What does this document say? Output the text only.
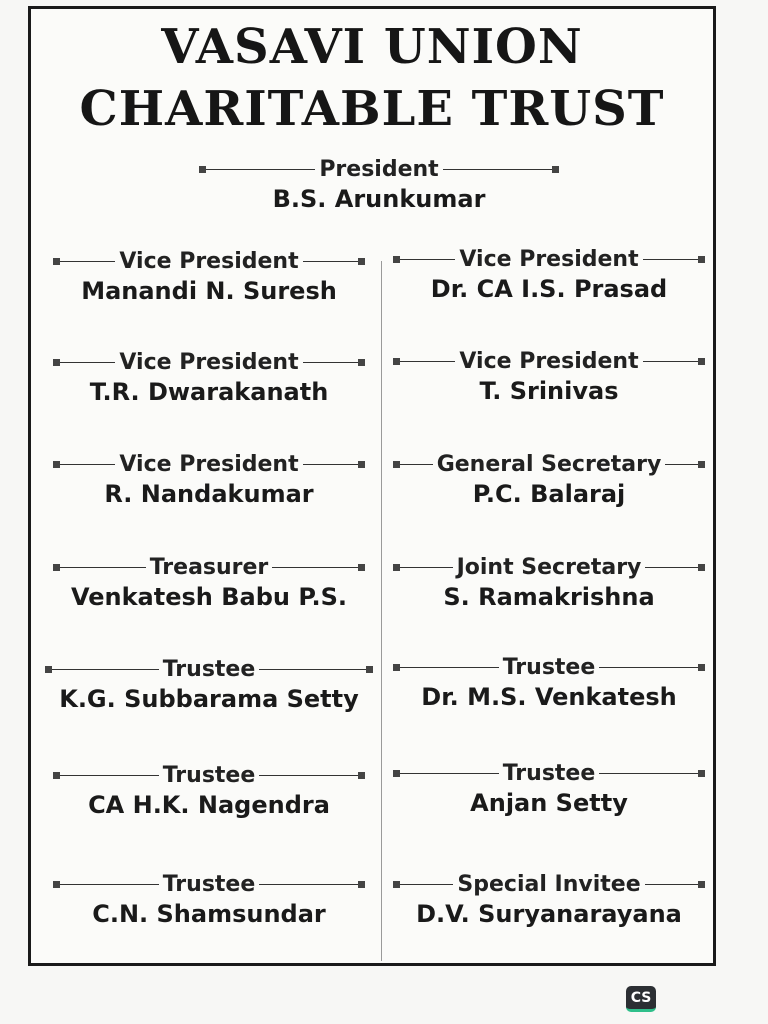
VASAVI UNION
CHARITABLE TRUST
President
B.S. Arunkumar
Vice President
Manandi N. Suresh
Vice President
T.R. Dwarakanath
Vice President
R. Nandakumar
Treasurer
Venkatesh Babu P.S.
Trustee
K.G. Subbarama Setty
Trustee
CA H.K. Nagendra
Trustee
C.N. Shamsundar
Vice President
Dr. CA I.S. Prasad
Vice President
T. Srinivas
General Secretary
P.C. Balaraj
Joint Secretary
S. Ramakrishna
Trustee
Dr. M.S. Venkatesh
Trustee
Anjan Setty
Special Invitee
D.V. Suryanarayana
CS
